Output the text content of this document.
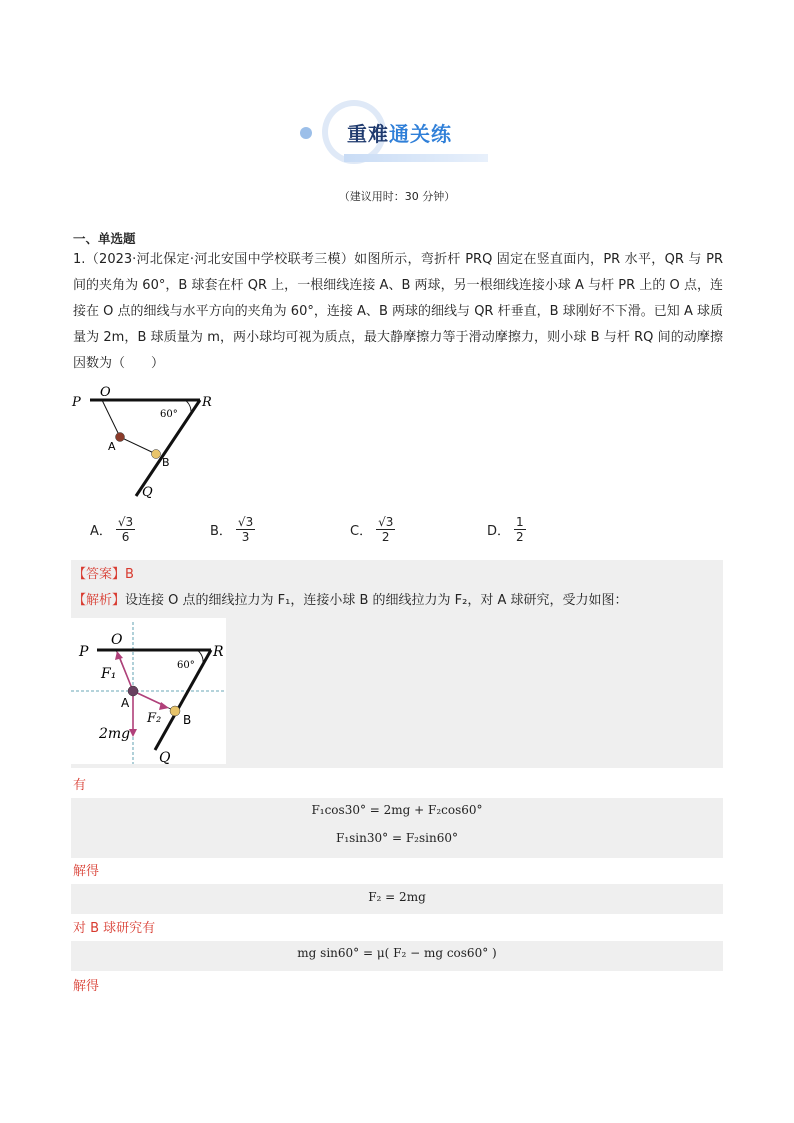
重难通关练
（建议用时：30 分钟）
一、单选题
1.（2023·河北保定·河北安国中学校联考三模）如图所示，弯折杆 PRQ 固定在竖直面内，PR 水平，QR 与 PR 间的夹角为 60°，B 球套在杆 QR 上，一根细线连接 A、B 两球，另一根细线连接小球 A 与杆 PR 上的 O 点，连接在 O 点的细线与水平方向的夹角为 60°，连接 A、B 两球的细线与 QR 杆垂直，B 球刚好不下滑。已知 A 球质量为 2m，B 球质量为 m，两小球均可视为质点，最大静摩擦力等于滑动摩擦力，则小球 B 与杆 RQ 间的动摩擦因数为（　　）
P
O
R
60°
A
B
Q
A． $\frac{√3}{6}$	B． $\frac{√3}{3}$	C． $\frac{√3}{2}$	D． $\frac{1}{2}$
【答案】B
【解析】设连接 O 点的细线拉力为 F₁，连接小球 B 的细线拉力为 F₂，对 A 球研究，受力如图：
P
O
R
60°
F₁
A
F₂ B
2mg
Q
有
F₁cos30° = 2mg + F₂cos60°
F₁sin30° = F₂sin60°
解得
F₂ = 2mg
对 B 球研究有
mg sin60° = μ( F₂ − mg cos60° )
解得
